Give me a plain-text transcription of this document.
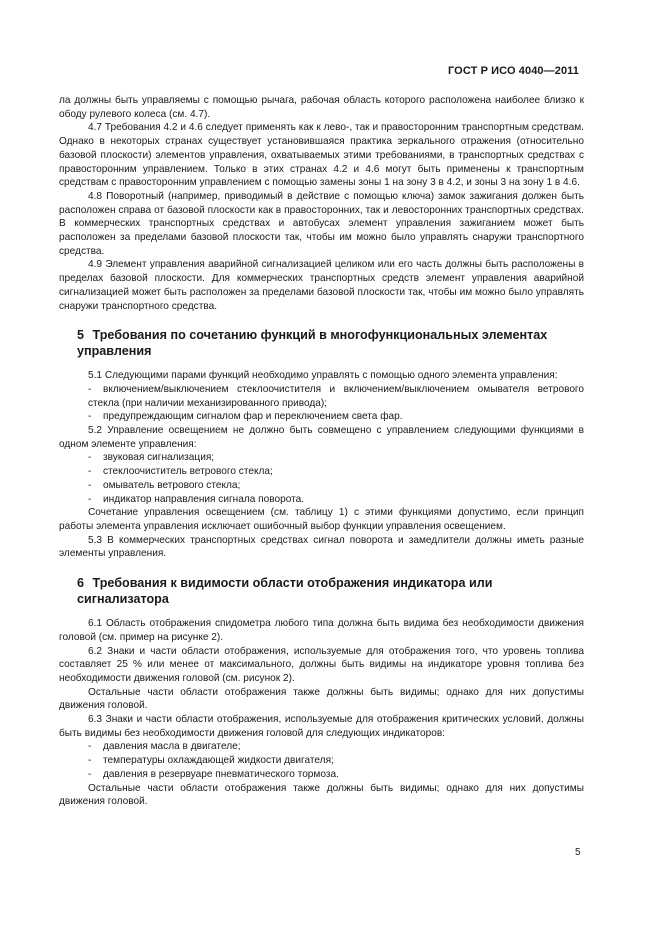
ГОСТ Р ИСО 4040—2011

ла должны быть управляемы с помощью рычага, рабочая область которого расположена наиболее близко к ободу рулевого колеса (см. 4.7).

4.7 Требования 4.2 и 4.6 следует применять как к лево-, так и правосторонним транспортным средствам. Однако в некоторых странах существует установившаяся практика зеркального отражения (относительно базовой плоскости) элементов управления, охватываемых этими требованиями, в транспортных средствах с правосторонним управлением. Только в этих странах 4.2 и 4.6 могут быть применены к транспортным средствам с правосторонним управлением с помощью замены зоны 1 на зону 3 в 4.2, и зоны 3 на зону 1 в 4.6.

4.8 Поворотный (например, приводимый в действие с помощью ключа) замок зажигания должен быть расположен справа от базовой плоскости как в правосторонних, так и левосторонних транспортных средствах. В коммерческих транспортных средствах и автобусах элемент управления зажиганием может быть расположен за пределами базовой плоскости так, чтобы им можно было управлять снаружи транспортного средства.

4.9 Элемент управления аварийной сигнализацией целиком или его часть должны быть расположены в пределах базовой плоскости. Для коммерческих транспортных средств элемент управления аварийной сигнализацией может быть расположен за пределами базовой плоскости так, чтобы им можно было управлять снаружи транспортного средства.

5 Требования по сочетанию функций в многофункциональных элементах управления

5.1 Следующими парами функций необходимо управлять с помощью одного элемента управления:

- включением/выключением стеклоочистителя и включением/выключением омывателя ветрового стекла (при наличии механизированного привода);

- предупреждающим сигналом фар и переключением света фар.

5.2 Управление освещением не должно быть совмещено с управлением следующими функциями в одном элементе управления:

- звуковая сигнализация;

- стеклоочиститель ветрового стекла;

- омыватель ветрового стекла;

- индикатор направления сигнала поворота.

Сочетание управления освещением (см. таблицу 1) с этими функциями допустимо, если принцип работы элемента управления исключает ошибочный выбор функции управления освещением.

5.3 В коммерческих транспортных средствах сигнал поворота и замедлители должны иметь разные элементы управления.

6 Требования к видимости области отображения индикатора или сигнализатора

6.1 Область отображения спидометра любого типа должна быть видима без необходимости движения головой (см. пример на рисунке 2).

6.2 Знаки и части области отображения, используемые для отображения того, что уровень топлива составляет 25 % или менее от максимального, должны быть видимы на индикаторе уровня топлива без необходимости движения головой (см. рисунок 2).

Остальные части области отображения также должны быть видимы; однако для них допустимы движения головой.

6.3 Знаки и части области отображения, используемые для отображения критических условий, должны быть видимы без необходимости движения головой для следующих индикаторов:

- давления масла в двигателе;

- температуры охлаждающей жидкости двигателя;

- давления в резервуаре пневматического тормоза.

Остальные части области отображения также должны быть видимы; однако для них допустимы движения головой.

5
